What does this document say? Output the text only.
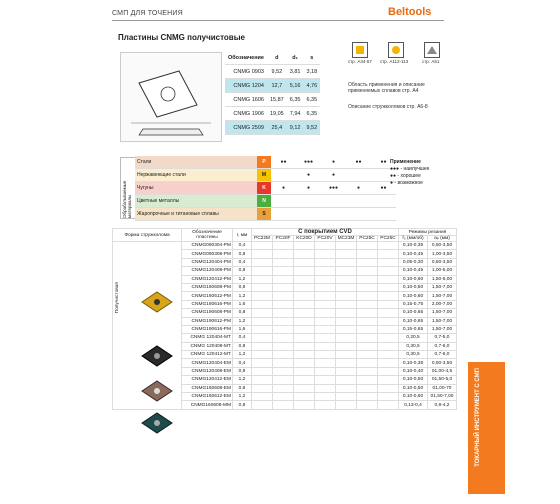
СМП ДЛЯ ТОЧЕНИЯ	Beltools
Пластины CNMG получистовые
ТОКАРНЫЙ ИНСТРУМЕНТ С СМП
Обозначение	d	d₁	s
CNMG 0903	9,52	3,81	3,18
CNMG 1204	12,7	5,16	4,76
CNMG 1606	15,87	6,35	6,35
CNMG 1906	19,05	7,94	6,35
CNMG 2509	25,4	9,12	9,52
стр. А34-57 стр. А112-113	стр. А51
Область применения и описание применяемых сплавов стр. А4
Описание стружколомов стр. А6-8
Обрабатываемые материалы
Стали	P	●●	●●●	●	●●	●●
Нержавеющие стали	M		●	●		
Чугуны	K	●	●	●●●	●	●●
Цветные металлы	N					
Жаропрочные и титановые сплавы	S					
Применение
●●● - наилучшее
●● - хорошее
● - возможное
Форма стружколома	Обозначение пластины	r, мм	С покрытием CVD							Режимы резания	
			PC22M	PC20F	KC20D	PC20V	MC23M	PC25C	PC25C	f₀ (мм/об)	aₚ (мм)

Получистовая	CNMG090304-PM	0,4								0,10-0,35	0,50-3,50
	CNMG090308-PM	0,8								0,10-0,45	1,00-3,50
	CNMG120404-PM	0,4								0,05-0,30	0,50-3,50
	CNMG120408-PM	0,8								0,10-0,45	1,00-5,00
	CNMG120412-PM	1,2								0,10-0,60	1,50-5,00
	CNMG160608-PM	0,8								0,10-0,50	1,50-7,00
	CNMG160612-PM	1,2								0,10-0,60	1,50-7,00
	CNMG160616-PM	1,6								0,15-0,75	2,00-7,00
	CNMG190608-PM	0,8								0,10-0,65	1,50-7,00
	CNMG190612-PM	1,2								0,10-0,65	1,50-7,00
	CNMG190616-PM	1,6								0,15-0,65	1,50-7,00
	CNMG 120404-MT	0,4								0,20,5	0,7-5,0
	CNMG 120408-MT	0,8								0,30,5	0,7-5,0
	CNMG 120412-MT	1,2								0,30,5	0,7-5,0
	CNMG120404-EM	0,4								0,10-0,35	0,50-3,50
	CNMG120408-EM	0,8								0,10-0,40	01,00-4,5
	CNMG120412-EM	1,2								0,10-0,50	01,50-5,0
	CNMG160608-EM	0,8								0,10-0,50	01,00-70
	CNMG160612-EM	1,2								0,10-0,60	01,50-7,00
	CNMG160608-MM	0,8								0,13-0,4	0,8-4,2
